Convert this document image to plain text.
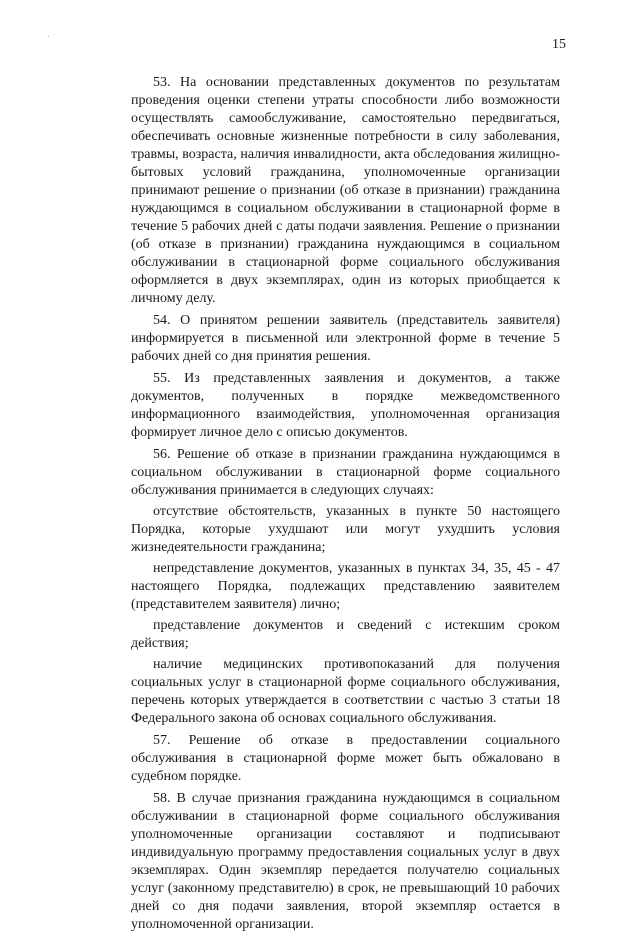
15

53. На основании представленных документов по результатам проведения оценки степени утраты способности либо возможности осуществлять самообслуживание, самостоятельно передвигаться, обеспечивать основные жизненные потребности в силу заболевания, травмы, возраста, наличия инвалидности, акта обследования жилищно-бытовых условий гражданина, уполномоченные организации принимают решение о признании (об отказе в признании) гражданина нуждающимся в социальном обслуживании в стационарной форме в течение 5 рабочих дней с даты подачи заявления. Решение о признании (об отказе в признании) гражданина нуждающимся в социальном обслуживании в стационарной форме социального обслуживания оформляется в двух экземплярах, один из которых приобщается к личному делу.

54. О принятом решении заявитель (представитель заявителя) информируется в письменной или электронной форме в течение 5 рабочих дней со дня принятия решения.

55. Из представленных заявления и документов, а также документов, полученных в порядке межведомственного информационного взаимодействия, уполномоченная организация формирует личное дело с описью документов.

56. Решение об отказе в признании гражданина нуждающимся в социальном обслуживании в стационарной форме социального обслуживания принимается в следующих случаях:

отсутствие обстоятельств, указанных в пункте 50 настоящего Порядка, которые ухудшают или могут ухудшить условия жизнедеятельности гражданина;

непредставление документов, указанных в пунктах 34, 35, 45 - 47 настоящего Порядка, подлежащих представлению заявителем (представителем заявителя) лично;

представление документов и сведений с истекшим сроком действия;

наличие медицинских противопоказаний для получения социальных услуг в стационарной форме социального обслуживания, перечень которых утверждается в соответствии с частью 3 статьи 18 Федерального закона об основах социального обслуживания.

57. Решение об отказе в предоставлении социального обслуживания в стационарной форме может быть обжаловано в судебном порядке.

58. В случае признания гражданина нуждающимся в социальном обслуживании в стационарной форме социального обслуживания уполномоченные организации составляют и подписывают индивидуальную программу предоставления социальных услуг в двух экземплярах. Один экземпляр передается получателю социальных услуг (законному представителю) в срок, не превышающий 10 рабочих дней со дня подачи заявления, второй экземпляр остается в уполномоченной организации.
